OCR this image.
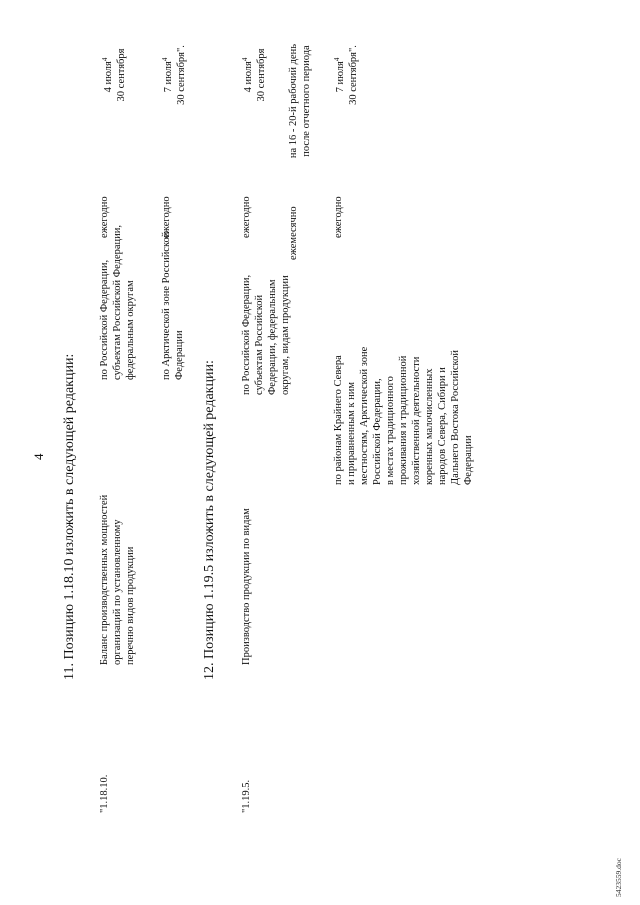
4 11. Позицию 1.18.10 изложить в следующей редакции:
"1.18.10.
Баланс производственных мощностей организаций по установленному перечню видов продукции
по Российской Федерации, субъектам Российской Федерации, федеральным округам
ежегодно
4 июля$^4$ 30 сентября
по Арктической зоне Российской Федерации
ежегодно
7 июля$^4$ 30 сентября".
12. Позицию 1.19.5 изложить в следующей редакции:
"1.19.5.
Производство продукции по видам
по Российской Федерации, субъектам Российской Федерации, федеральным округам, видам продукции
ежегодно	ежемесячно
4 июля$^4$ 30 сентября на 16 - 20-й рабочий день после отчетного периода
по районам Крайнего Севера и приравненным к ним местностям, Арктической зоне Российской Федерации, в местах традиционного проживания и традиционной хозяйственной деятельности коренных малочисленных народов Севера, Сибири и Дальнего Востока Российской Федерации
ежегодно
7 июля$^4$ 30 сентября".
5423559.doc
